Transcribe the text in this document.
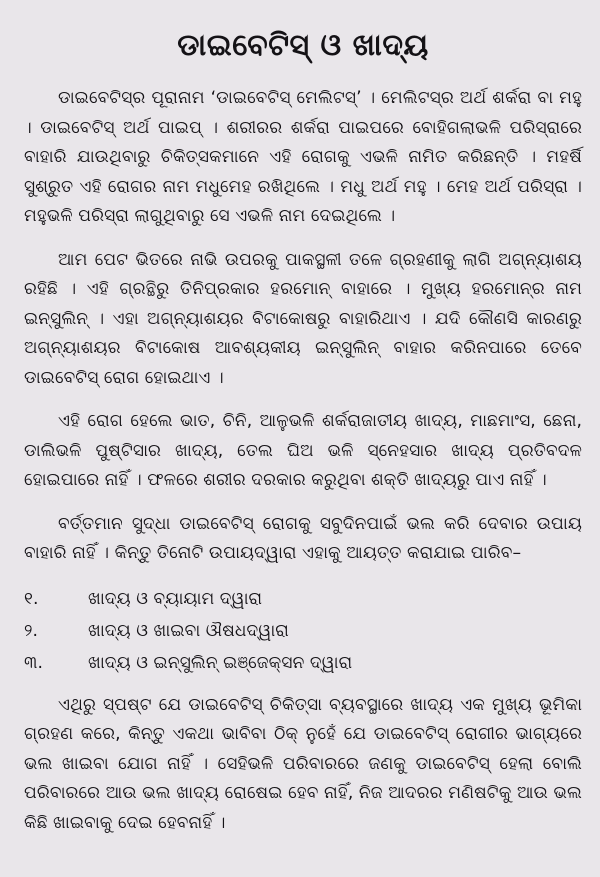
ଡାଇବେଟିସ୍ ଓ ଖାଦ୍ୟ

ଡାଇବେଟିସ୍‌ର ପୂରାନାମ ‘ଡାଇବେଟିସ୍ ମେଲିଟସ୍’ । ମେଲିଟସ୍‌ର ଅର୍ଥ ଶର୍କରା ବା ମହୁ । ଡାଇବେଟିସ୍ ଅର୍ଥ ପାଇପ୍ । ଶରୀରର ଶର୍କରା ପାଇପରେ ବୋହିଗଲାଭଳି ପରିସ୍ରାରେ ବାହାରି ଯାଉଥିବାରୁ ଚିକିତ୍ସକମାନେ ଏହି ରୋଗକୁ ଏଭଳି ନାମିତ କରିଛନ୍ତି । ମହର୍ଷି ସୁଶ୍ରୁତ ଏହି ରୋଗର ନାମ ମଧୁମେହ ରଖିଥିଲେ । ମଧୁ ଅର୍ଥ ମହୁ । ମେହ ଅର୍ଥ ପରିସ୍ରା । ମହୁଭଳି ପରିସ୍ରା ଲାଗୁଥିବାରୁ ସେ ଏଭଳି ନାମ ଦେଇଥିଲେ ।

ଆମ ପେଟ ଭିତରେ ନାଭି ଉପରକୁ ପାକସ୍ଥଳୀ ତଳେ ଗ୍ରହଣୀକୁ ଲାଗି ଅଗ୍ନ୍ୟାଶୟ ରହିଛି । ଏହି ଗ୍ରନ୍ଥିରୁ ତିନିପ୍ରକାର ହରମୋନ୍ ବାହାରେ । ମୁଖ୍ୟ ହରମୋନ୍‌ର ନାମ ଇନ୍‌ସୁଲିନ୍ । ଏହା ଅଗ୍ନ୍ୟାଶୟର ବିଟାକୋଷରୁ ବାହାରିଥାଏ । ଯଦି କୌଣସି କାରଣରୁ ଅଗ୍ନ୍ୟାଶୟର ବିଟାକୋଷ ଆବଶ୍ୟକୀୟ ଇନ୍‌ସୁଲିନ୍ ବାହାର କରିନପାରେ ତେବେ ଡାଇବେଟିସ୍ ରୋଗ ହୋଇଥାଏ ।

ଏହି ରୋଗ ହେଲେ ଭାତ, ଚିନି, ଆଳୁଭଳି ଶର୍କରାଜାତୀୟ ଖାଦ୍ୟ, ମାଛମାଂସ, ଛେନା, ଡାଲିଭଳି ପୁଷ୍ଟିସାର ଖାଦ୍ୟ, ତେଲ ଘିଅ ଭଳି ସ୍ନେହସାର ଖାଦ୍ୟ ପ୍ରତିବଦଳ ହୋଇପାରେ ନାହିଁ । ଫଳରେ ଶରୀର ଦରକାର କରୁଥିବା ଶକ୍ତି ଖାଦ୍ୟରୁ ପାଏ ନାହିଁ ।

ବର୍ତ୍ତମାନ ସୁଦ୍ଧା ଡାଇବେଟିସ୍ ରୋଗକୁ ସବୁଦିନପାଇଁ ଭଲ କରି ଦେବାର ଉପାୟ ବାହାରି ନାହିଁ । କିନ୍ତୁ ତିନୋଟି ଉପାୟଦ୍ୱାରା ଏହାକୁ ଆୟତ୍ତ କରାଯାଇ ପାରିବ–

୧.	ଖାଦ୍ୟ ଓ ବ୍ୟାୟାମ ଦ୍ୱାରା
୨.	ଖାଦ୍ୟ ଓ ଖାଇବା ଔଷଧଦ୍ୱାରା
୩.	ଖାଦ୍ୟ ଓ ଇନ୍‌ସୁଲିନ୍ ଇଞ୍ଜେକ୍‌ସନ ଦ୍ୱାରା

ଏଥିରୁ ସ୍ପଷ୍ଟ ଯେ ଡାଇବେଟିସ୍ ଚିକିତ୍ସା ବ୍ୟବସ୍ଥାରେ ଖାଦ୍ୟ ଏକ ମୁଖ୍ୟ ଭୂମିକା ଗ୍ରହଣ କରେ, କିନ୍ତୁ ଏକଥା ଭାବିବା ଠିକ୍ ନୁହେଁ ଯେ ଡାଇବେଟିସ୍ ରୋଗୀର ଭାଗ୍ୟରେ ଭଲ ଖାଇବା ଯୋଗ ନାହିଁ । ସେହିଭଳି ପରିବାରରେ ଜଣକୁ ଡାଇବେଟିସ୍ ହେଲା ବୋଲି ପରିବାରରେ ଆଉ ଭଲ ଖାଦ୍ୟ ରୋଷେଇ ହେବ ନାହିଁ, ନିଜ ଆଦରର ମଣିଷଟିକୁ ଆଉ ଭଲ କିଛି ଖାଇବାକୁ ଦେଇ ହେବନାହିଁ ।
